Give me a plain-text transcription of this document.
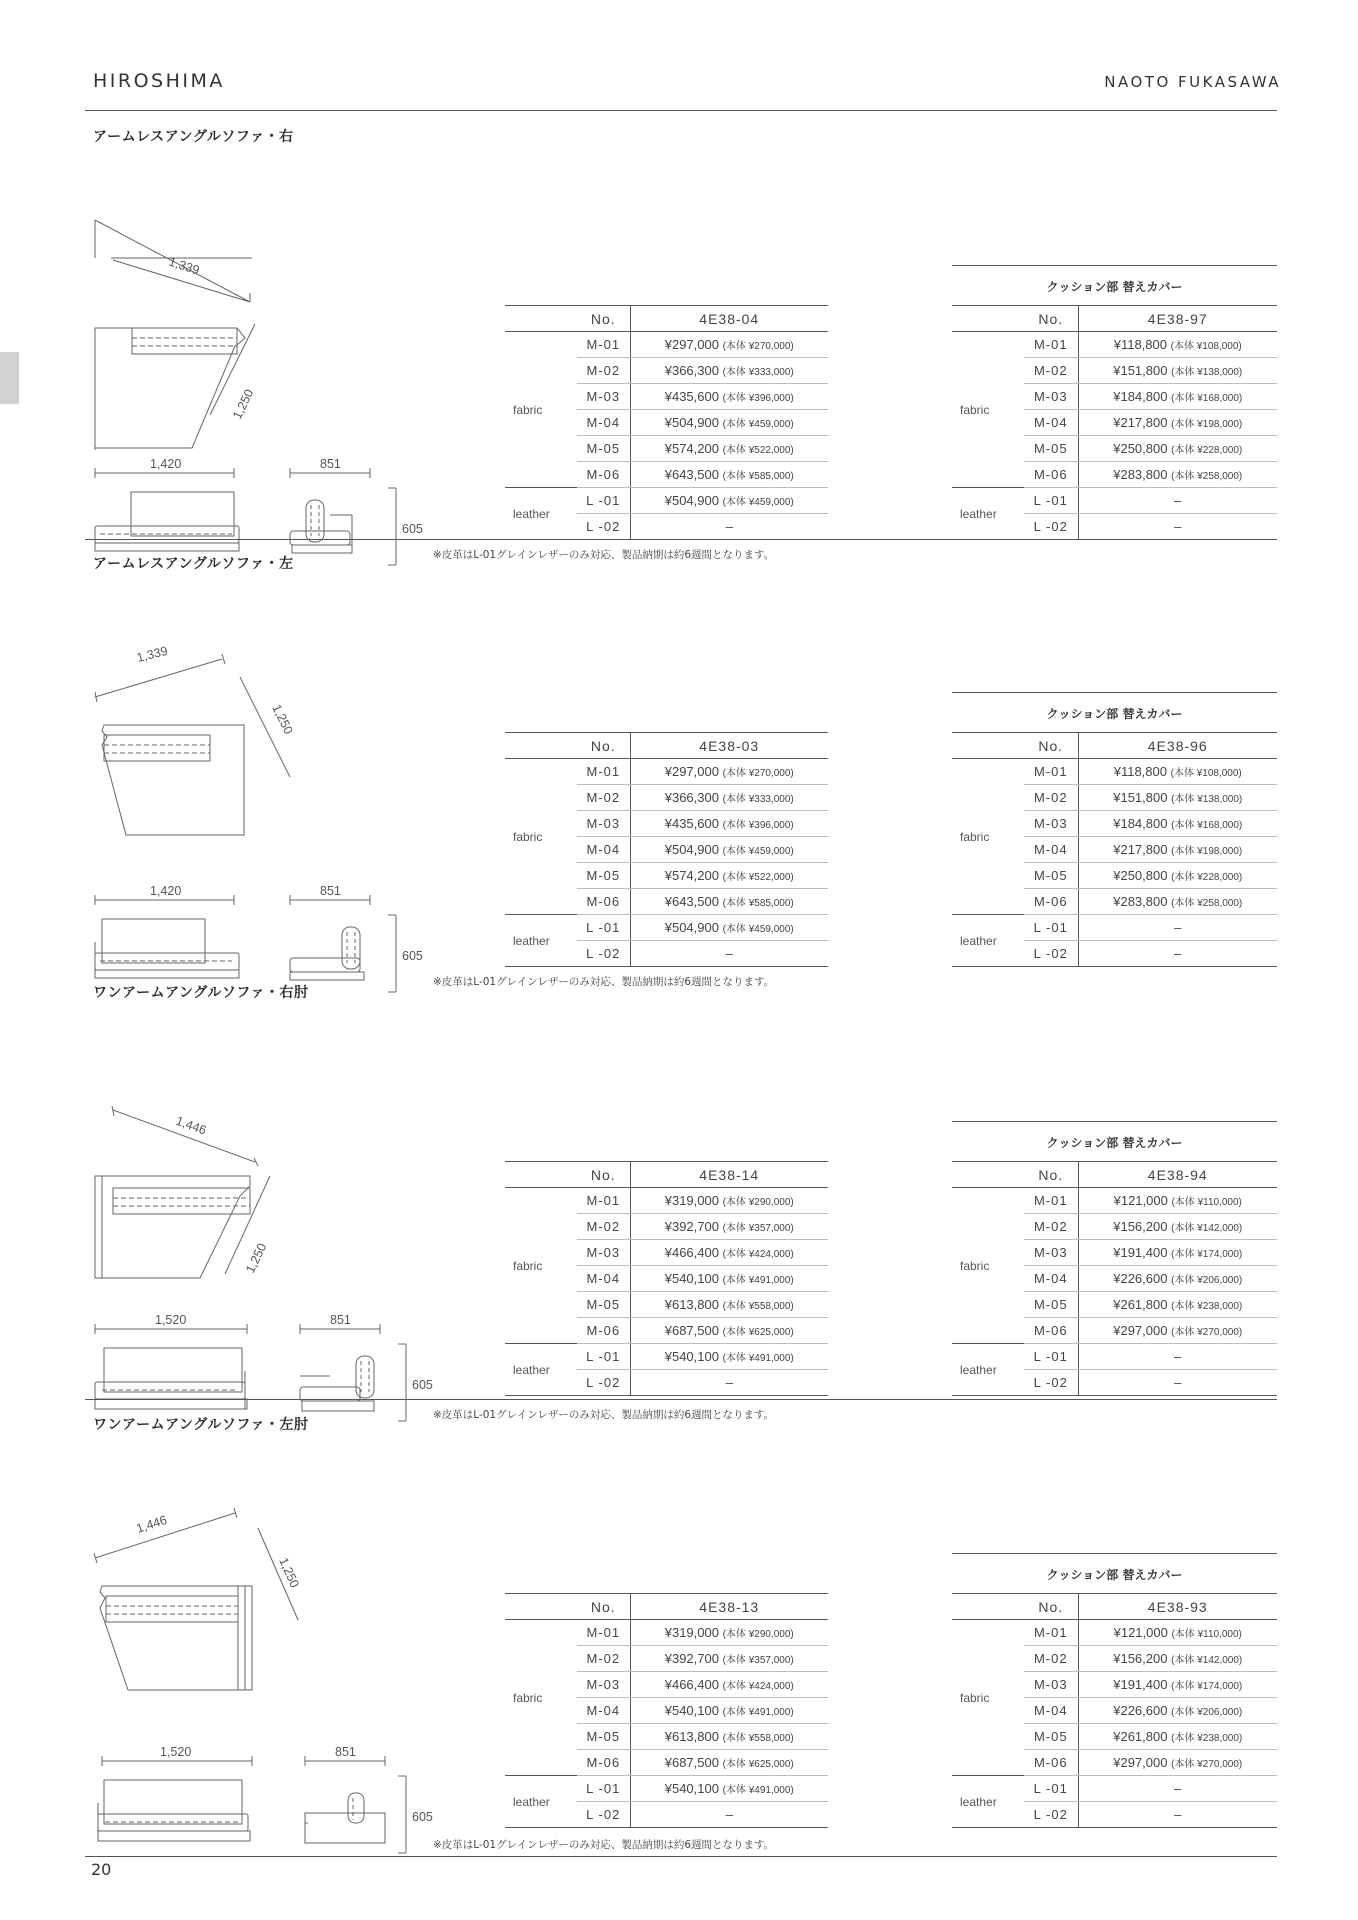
HIROSHIMA	NAOTO FUKASAWA
アームレスアングルソファ・右
1,339
1,250
1,420	851
605
	No.	4E38-04
fabric	M-01	¥297,000 (本体 ¥270,000)
	M-02	¥366,300 (本体 ¥333,000)
	M-03	¥435,600 (本体 ¥396,000)
	M-04	¥504,900 (本体 ¥459,000)
	M-05	¥574,200 (本体 ¥522,000)
	M-06	¥643,500 (本体 ¥585,000)
leather	L -01	¥504,900 (本体 ¥459,000)
	L -02	–
クッション部 替えカバー
	No.	4E38-97
fabric	M-01	¥118,800 (本体 ¥108,000)
	M-02	¥151,800 (本体 ¥138,000)
	M-03	¥184,800 (本体 ¥168,000)
	M-04	¥217,800 (本体 ¥198,000)
	M-05	¥250,800 (本体 ¥228,000)
	M-06	¥283,800 (本体 ¥258,000)
leather	L -01	–
	L -02	–
※皮革はL-01グレインレザーのみ対応、製品納期は約6週間となります。
アームレスアングルソファ・左
1,339
1,250
1,420	851
605
	No.	4E38-03
fabric	M-01	¥297,000 (本体 ¥270,000)
	M-02	¥366,300 (本体 ¥333,000)
	M-03	¥435,600 (本体 ¥396,000)
	M-04	¥504,900 (本体 ¥459,000)
	M-05	¥574,200 (本体 ¥522,000)
	M-06	¥643,500 (本体 ¥585,000)
leather	L -01	¥504,900 (本体 ¥459,000)
	L -02	–
クッション部 替えカバー
	No.	4E38-96
fabric	M-01	¥118,800 (本体 ¥108,000)
	M-02	¥151,800 (本体 ¥138,000)
	M-03	¥184,800 (本体 ¥168,000)
	M-04	¥217,800 (本体 ¥198,000)
	M-05	¥250,800 (本体 ¥228,000)
	M-06	¥283,800 (本体 ¥258,000)
leather	L -01	–
	L -02	–
※皮革はL-01グレインレザーのみ対応、製品納期は約6週間となります。
ワンアームアングルソファ・右肘
1,446
1,250
1,520	851
605
	No.	4E38-14
fabric	M-01	¥319,000 (本体 ¥290,000)
	M-02	¥392,700 (本体 ¥357,000)
	M-03	¥466,400 (本体 ¥424,000)
	M-04	¥540,100 (本体 ¥491,000)
	M-05	¥613,800 (本体 ¥558,000)
	M-06	¥687,500 (本体 ¥625,000)
leather	L -01	¥540,100 (本体 ¥491,000)
	L -02	–
クッション部 替えカバー
	No.	4E38-94
fabric	M-01	¥121,000 (本体 ¥110,000)
	M-02	¥156,200 (本体 ¥142,000)
	M-03	¥191,400 (本体 ¥174,000)
	M-04	¥226,600 (本体 ¥206,000)
	M-05	¥261,800 (本体 ¥238,000)
	M-06	¥297,000 (本体 ¥270,000)
leather	L -01	–
	L -02	–
※皮革はL-01グレインレザーのみ対応、製品納期は約6週間となります。
ワンアームアングルソファ・左肘
1,446
1,250
1,520	851
605
	No.	4E38-13
fabric	M-01	¥319,000 (本体 ¥290,000)
	M-02	¥392,700 (本体 ¥357,000)
	M-03	¥466,400 (本体 ¥424,000)
	M-04	¥540,100 (本体 ¥491,000)
	M-05	¥613,800 (本体 ¥558,000)
	M-06	¥687,500 (本体 ¥625,000)
leather	L -01	¥540,100 (本体 ¥491,000)
	L -02	–
クッション部 替えカバー
	No.	4E38-93
fabric	M-01	¥121,000 (本体 ¥110,000)
	M-02	¥156,200 (本体 ¥142,000)
	M-03	¥191,400 (本体 ¥174,000)
	M-04	¥226,600 (本体 ¥206,000)
	M-05	¥261,800 (本体 ¥238,000)
	M-06	¥297,000 (本体 ¥270,000)
leather	L -01	–
	L -02	–
※皮革はL-01グレインレザーのみ対応、製品納期は約6週間となります。
20
